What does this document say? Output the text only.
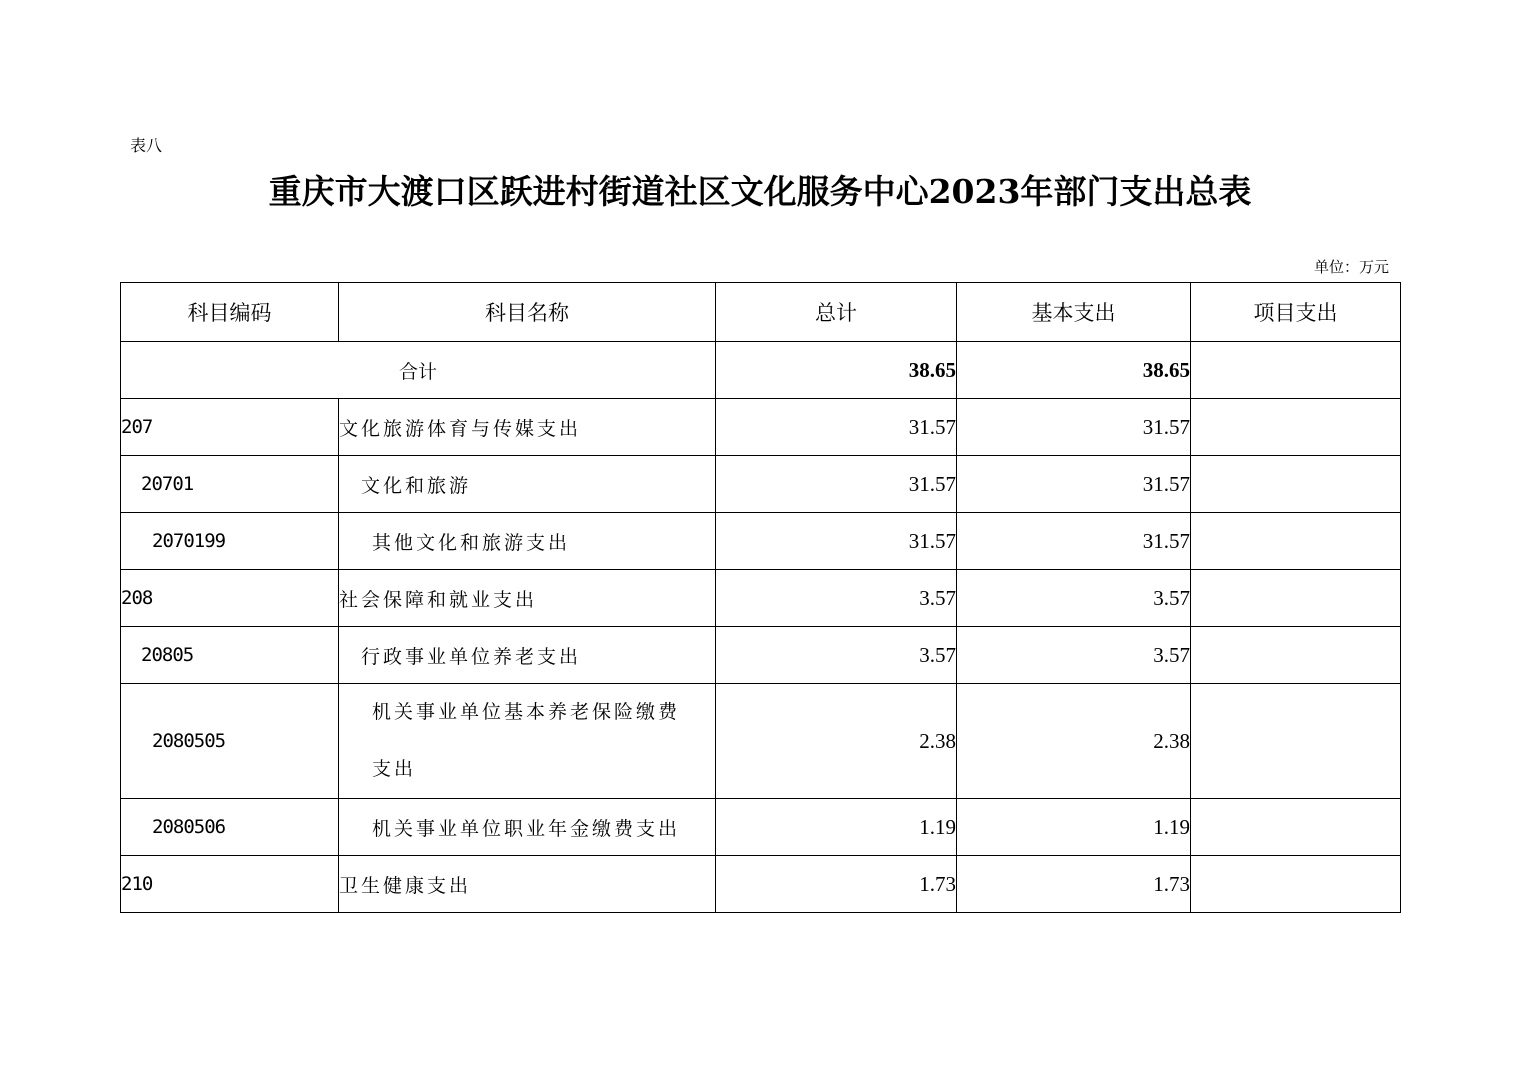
表八
重庆市大渡口区跃进村街道社区文化服务中心2023年部门支出总表
单位：万元
科目编码	科目名称	总计	基本支出	项目支出
合计		38.65	38.65	
207	文化旅游体育与传媒支出	31.57	31.57	
20701	文化和旅游	31.57	31.57	
2070199	其他文化和旅游支出	31.57	31.57	
208	社会保障和就业支出	3.57	3.57	
20805	行政事业单位养老支出	3.57	3.57	
2080505	机关事业单位基本养老保险缴费支出	2.38	2.38	
2080506	机关事业单位职业年金缴费支出	1.19	1.19	
210	卫生健康支出	1.73	1.73	
